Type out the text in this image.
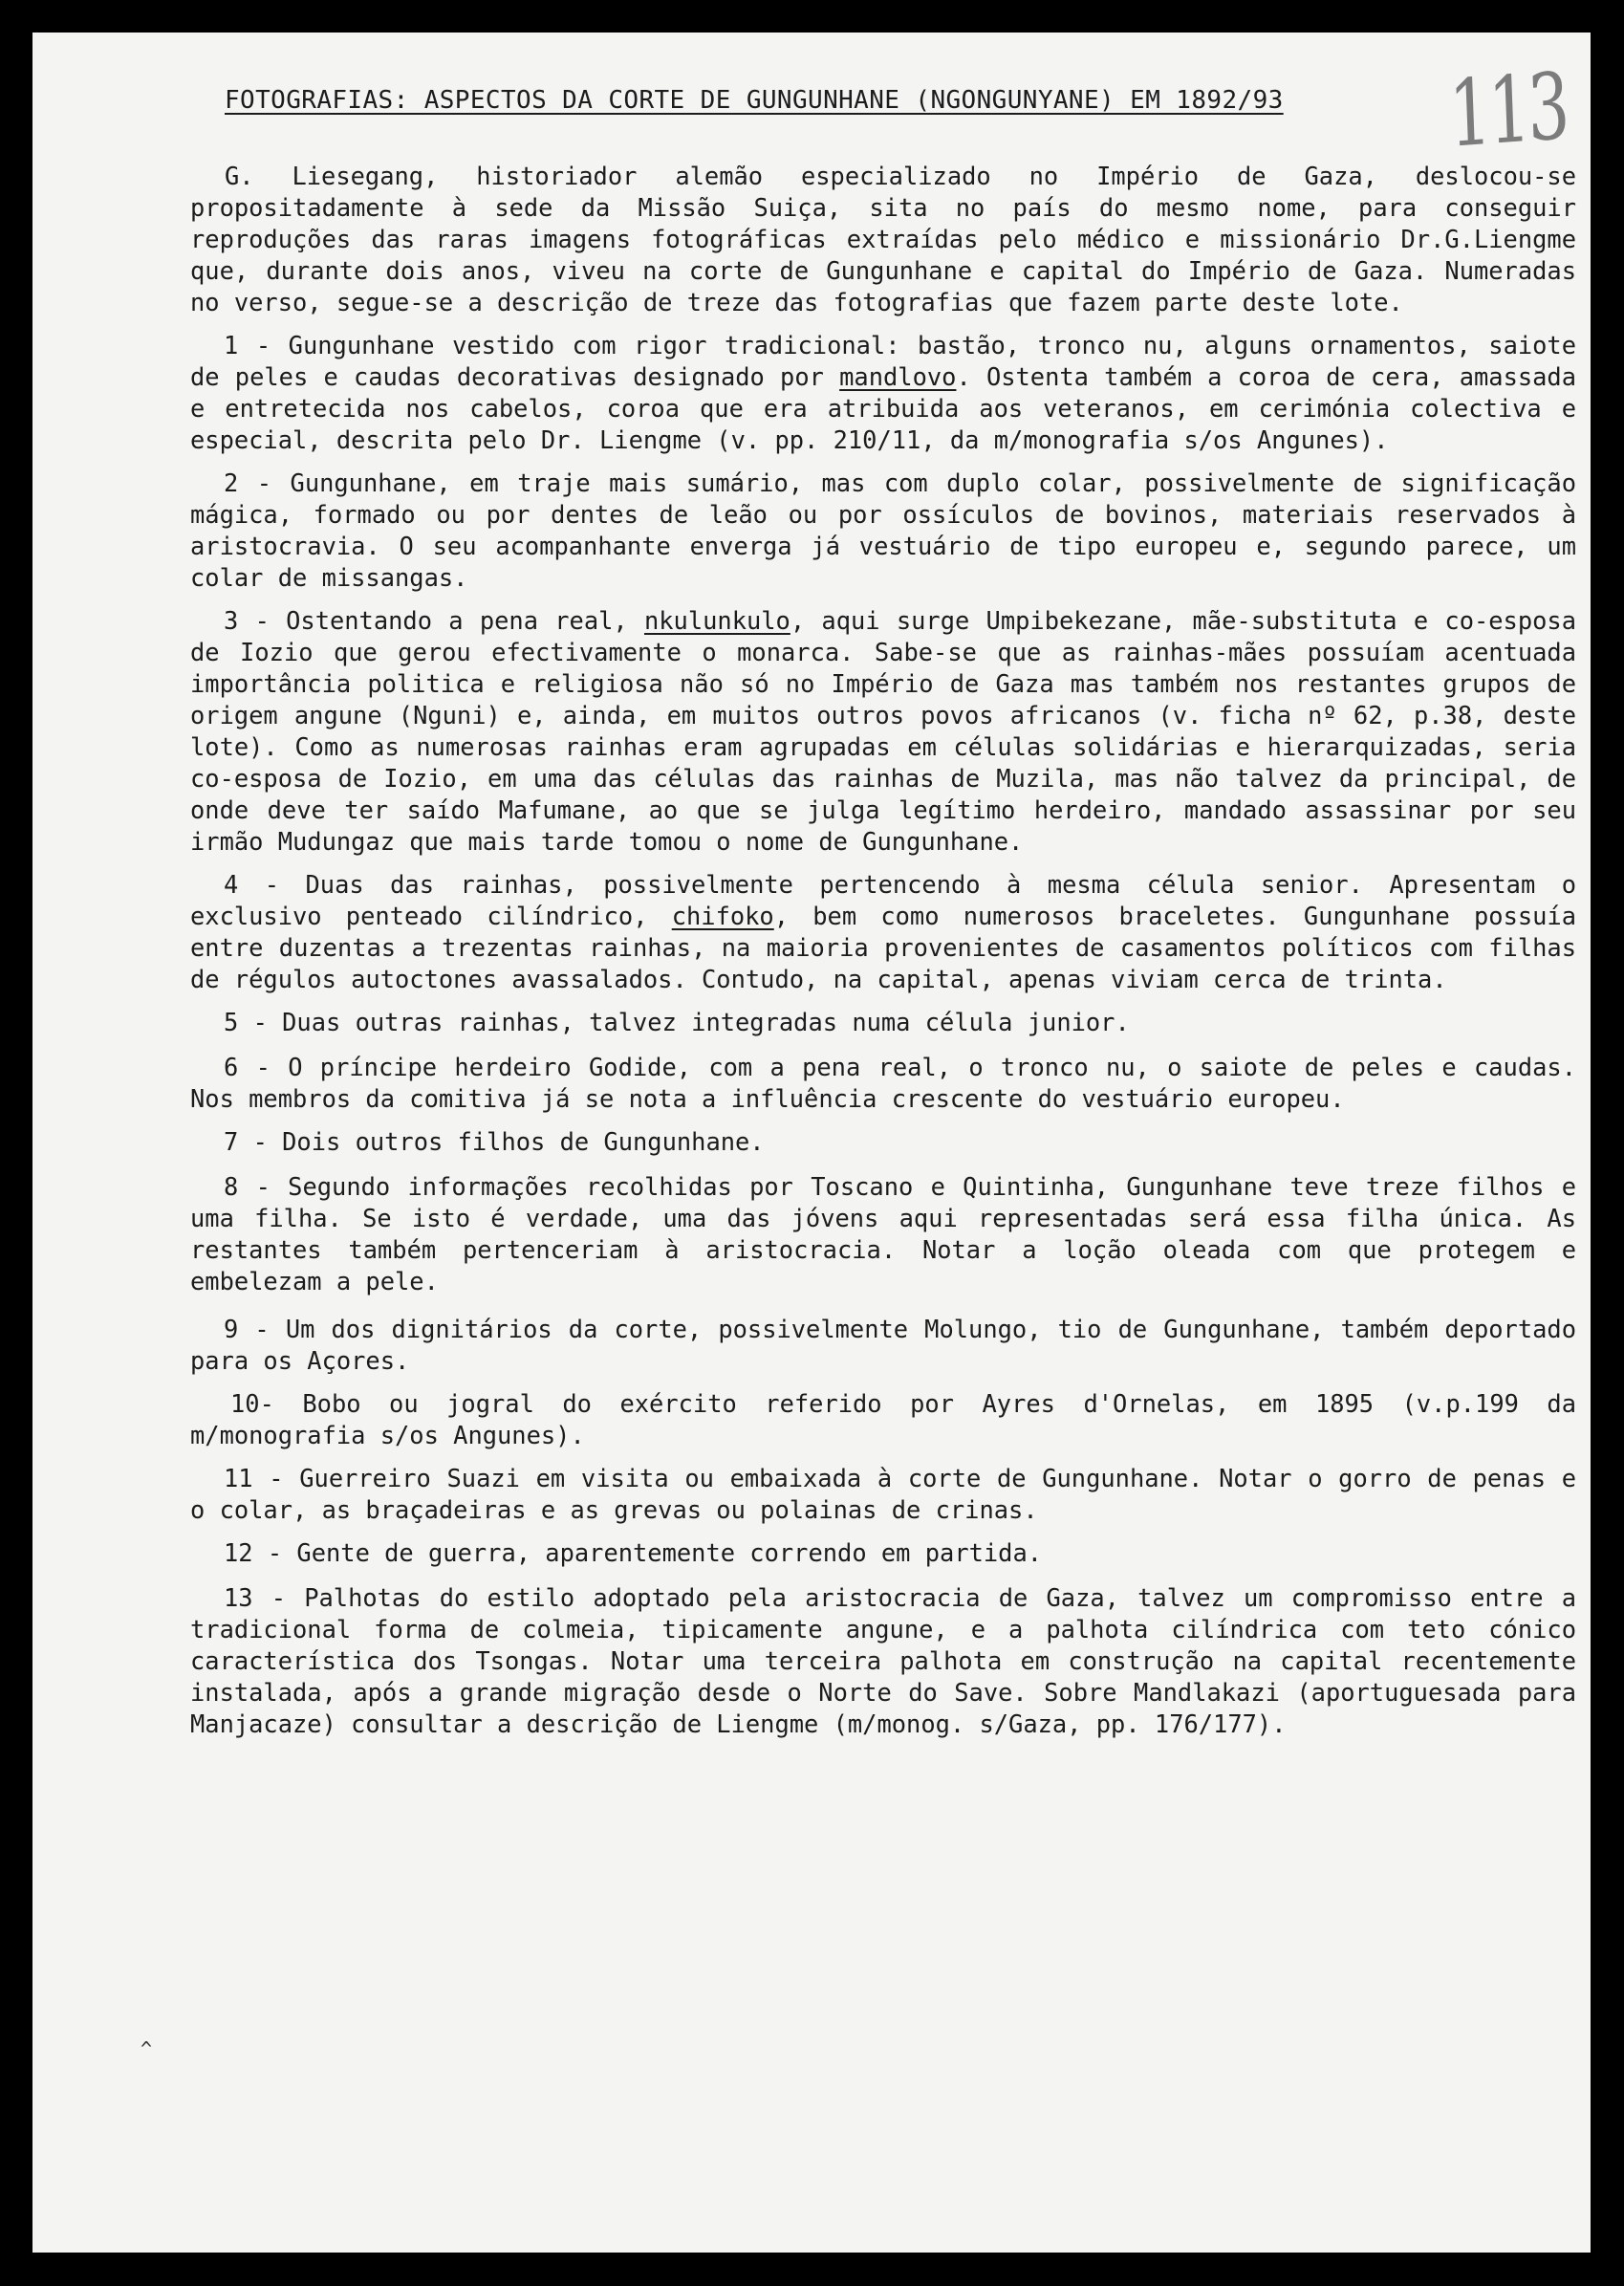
113
FOTOGRAFIAS: ASPECTOS DA CORTE DE GUNGUNHANE (NGONGUNYANE) EM 1892/93

G. Liesegang, historiador alemão especializado no Império de Gaza, deslocou-se propositadamente à sede da Missão Suiça, sita no país do mesmo nome, para conseguir reproduções das raras imagens fotográficas extraídas pelo médico e missionário Dr.G.Liengme que, durante dois anos, viveu na corte de Gungunhane e capital do Império de Gaza. Numeradas no verso, segue-se a descrição de treze das fotografias que fazem parte deste lote.

1 - Gungunhane vestido com rigor tradicional: bastão, tronco nu, alguns ornamentos, saiote de peles e caudas decorativas designado por mandlovo. Ostenta também a coroa de cera, amassada e entretecida nos cabelos, coroa que era atribuida aos veteranos, em cerimónia colectiva e especial, descrita pelo Dr. Liengme (v. pp. 210/11, da m/monografia s/os Angunes).

2 - Gungunhane, em traje mais sumário, mas com duplo colar, possivelmente de significação mágica, formado ou por dentes de leão ou por ossículos de bovinos, materiais reservados à aristocravia. O seu acompanhante enverga já vestuário de tipo europeu e, segundo parece, um colar de missangas.

3 - Ostentando a pena real, nkulunkulo, aqui surge Umpibekezane, mãe-substituta e co-esposa de Iozio que gerou efectivamente o monarca. Sabe-se que as rainhas-mães possuíam acentuada importância politica e religiosa não só no Império de Gaza mas também nos restantes grupos de origem angune (Nguni) e, ainda, em muitos outros povos africanos (v. ficha nº 62, p.38, deste lote). Como as numerosas rainhas eram agrupadas em células solidárias e hierarquizadas, seria co-esposa de Iozio, em uma das células das rainhas de Muzila, mas não talvez da principal, de onde deve ter saído Mafumane, ao que se julga legítimo herdeiro, mandado assassinar por seu irmão Mudungaz que mais tarde tomou o nome de Gungunhane.

4 - Duas das rainhas, possivelmente pertencendo à mesma célula senior. Apresentam o exclusivo penteado cilíndrico, chifoko, bem como numerosos braceletes. Gungunhane possuía entre duzentas a trezentas rainhas, na maioria provenientes de casamentos políticos com filhas de régulos autoctones avassalados. Contudo, na capital, apenas viviam cerca de trinta.

5 - Duas outras rainhas, talvez integradas numa célula junior.

6 - O príncipe herdeiro Godide, com a pena real, o tronco nu, o saiote de peles e caudas. Nos membros da comitiva já se nota a influência crescente do vestuário europeu.

7 - Dois outros filhos de Gungunhane.

8 - Segundo informações recolhidas por Toscano e Quintinha, Gungunhane teve treze filhos e uma filha. Se isto é verdade, uma das jóvens aqui representadas será essa filha única. As restantes também pertenceriam à aristocracia. Notar a loção oleada com que protegem e embelezam a pele.

9 - Um dos dignitários da corte, possivelmente Molungo, tio de Gungunhane, também deportado para os Açores.

10- Bobo ou jogral do exército referido por Ayres d'Ornelas, em 1895 (v.p.199 da m/monografia s/os Angunes).

11 - Guerreiro Suazi em visita ou embaixada à corte de Gungunhane. Notar o gorro de penas e o colar, as braçadeiras e as grevas ou polainas de crinas.

12 - Gente de guerra, aparentemente correndo em partida.

13 - Palhotas do estilo adoptado pela aristocracia de Gaza, talvez um compromisso entre a tradicional forma de colmeia, tipicamente angune, e a palhota cilíndrica com teto cónico característica dos Tsongas. Notar uma terceira palhota em construção na capital recentemente instalada, após a grande migração desde o Norte do Save. Sobre Mandlakazi (aportuguesada para Manjacaze) consultar a descrição de Liengme (m/monog. s/Gaza, pp. 176/177).

^
